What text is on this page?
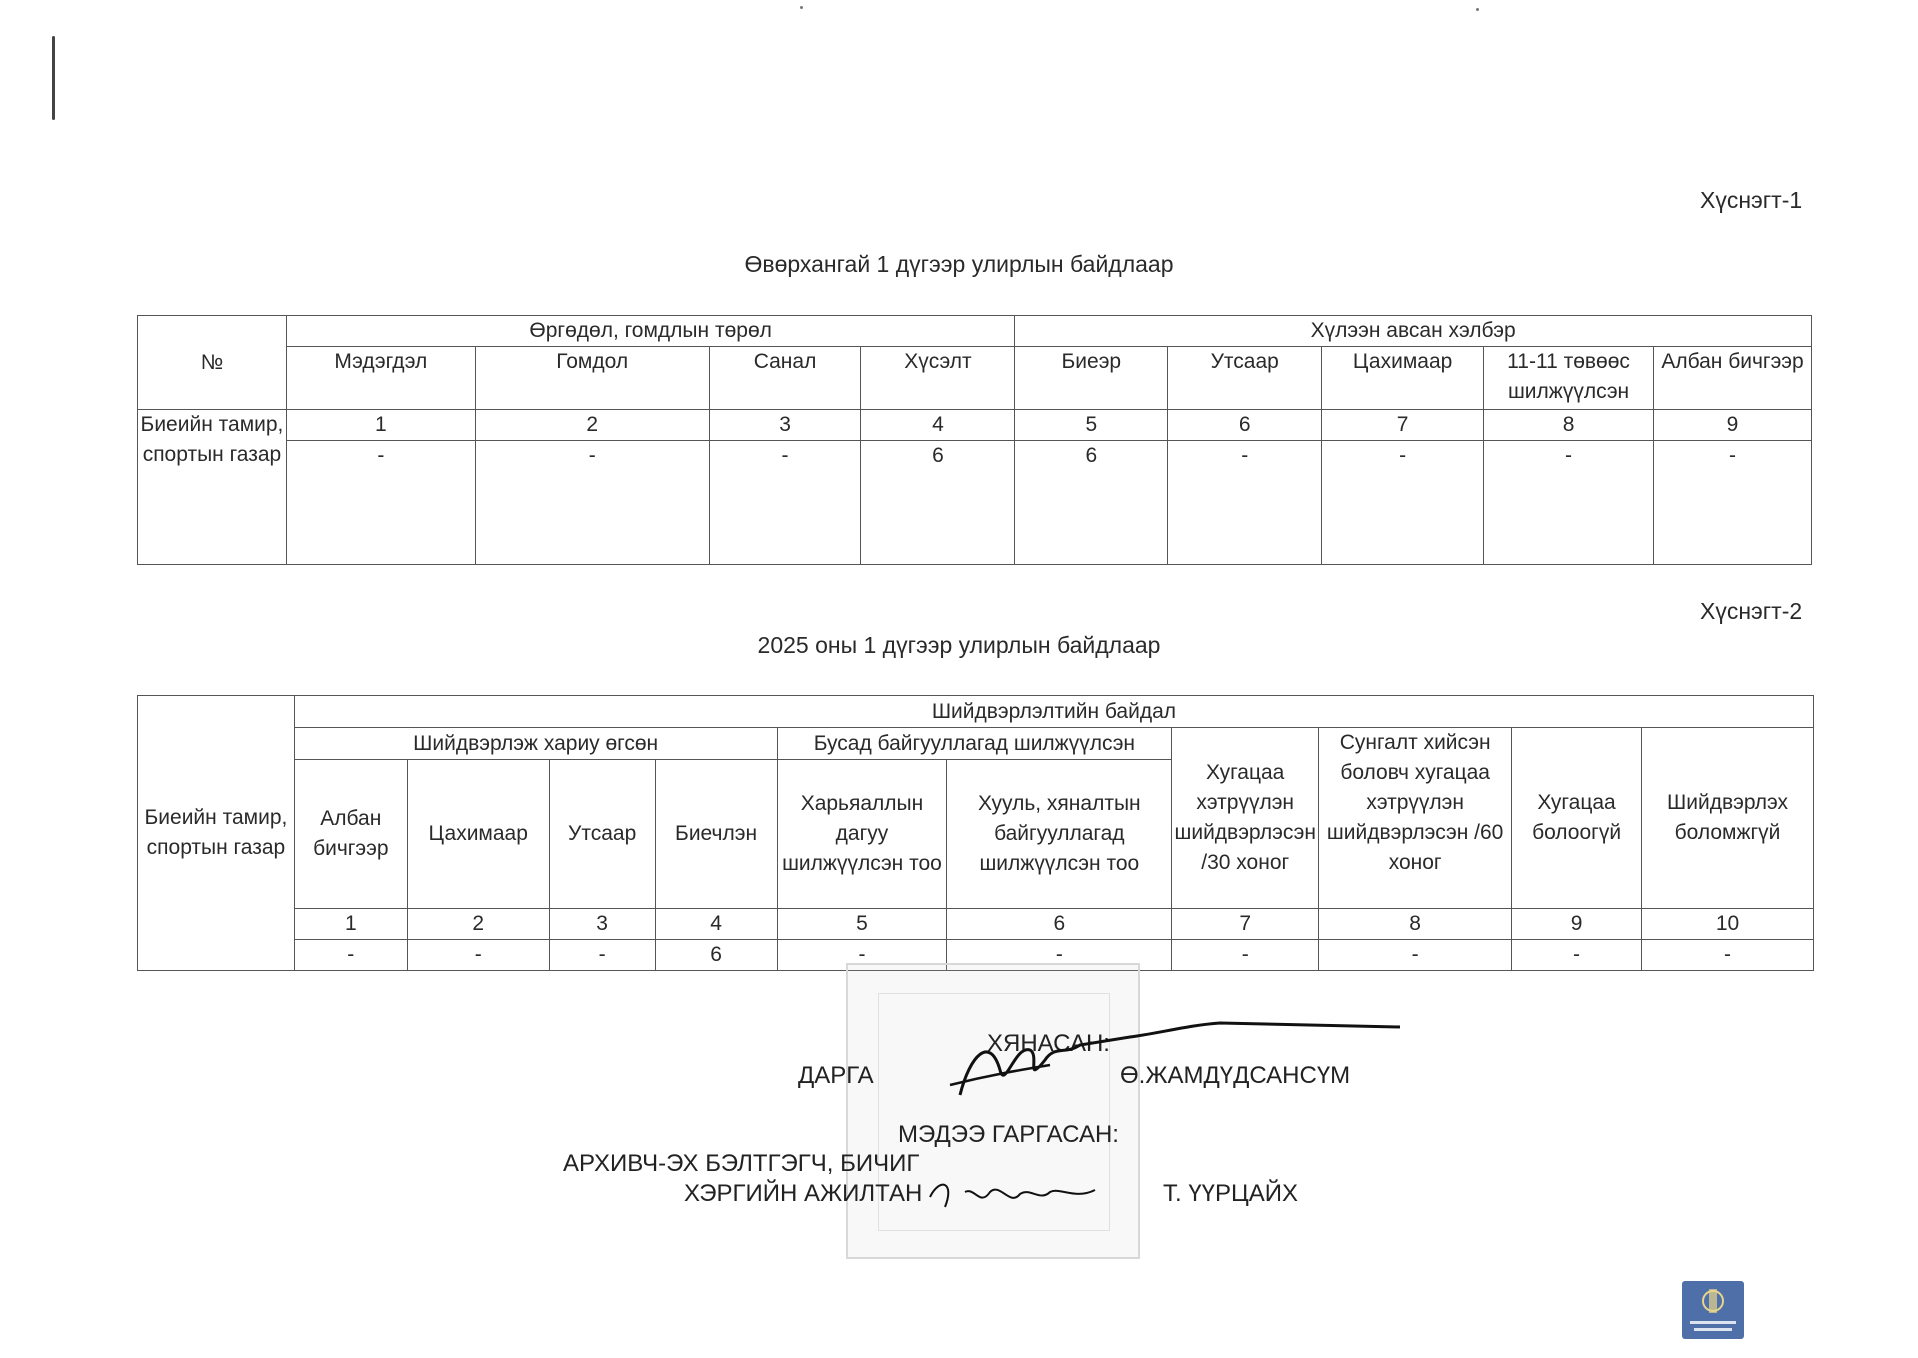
Хүснэгт-1
Өвөрхангай 1 дүгээр улирлын байдлаар
№	Өргөдөл, гомдлын төрөл				Хүлээн авсан хэлбэр				
	Мэдэгдэл	Гомдол	Санал	Хүсэлт	Биеэр	Утсаар	Цахимаар	11-11 төвөөс шилжүүлсэн	Албан бичгээр
Биеийн тамир, спортын газар	1	2	3	4	5	6	7	8	9
	-	-	-	6	6	-	-	-	-
Хүснэгт-2
2025 оны 1 дүгээр улирлын байдлаар
Биеийн тамир, спортын газар	Шийдвэрлэлтийн байдал									
	Шийдвэрлэж хариу өгсөн				Бусад байгууллагад шилжүүлсэн		Хугацаа хэтрүүлэн шийдвэрлэсэн /30 хоног	Сунгалт хийсэн боловч хугацаа хэтрүүлэн шийдвэрлэсэн /60 хоног	Хугацаа болоогүй	Шийдвэрлэх боломжгүй
	Албан бичгээр	Цахимаар	Утсаар	Биечлэн	Харьяаллын дагуу шилжүүлсэн тоо	Хууль, хяналтын байгууллагад шилжүүлсэн тоо				
	1	2	3	4	5	6	7	8	9	10
	-	-	-	6	-	-	-	-	-	-
ХЯНАСАН:
ДАРГА	Ө.ЖАМДҮДСАНСҮМ
МЭДЭЭ ГАРГАСАН:
АРХИВЧ-ЭХ БЭЛТГЭГЧ, БИЧИГ
ХЭРГИЙН АЖИЛТАН	Т. ҮҮРЦАЙХ
